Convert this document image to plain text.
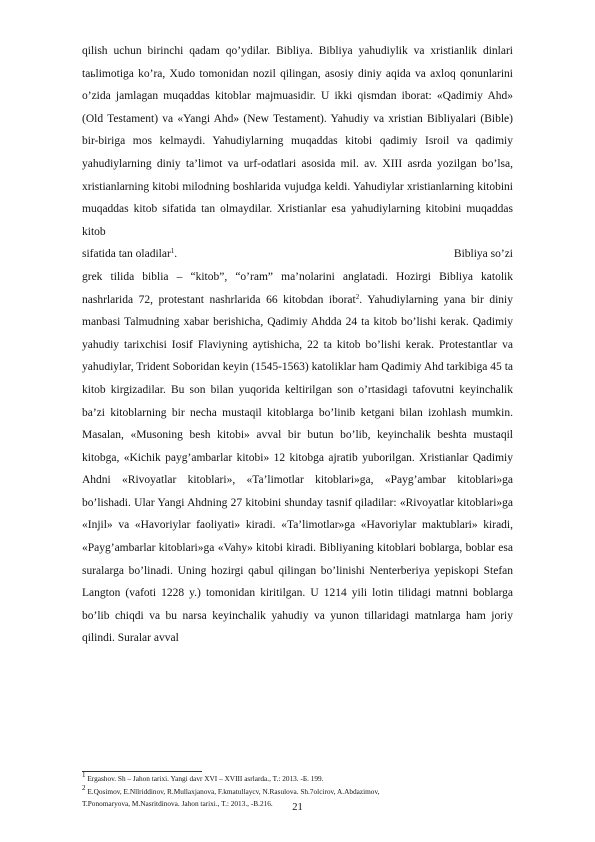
qilish uchun birinchi qadam qo’ydilar. Bibliya. Bibliya yahudiylik va xristianlik dinlari taьlimotiga ko’ra, Xudo tomonidan nozil qilingan, asosiy diniy aqida va axloq qonunlarini o’zida jamlagan muqaddas kitoblar majmuasidir. U ikki qismdan iborat: «Qadimiy Ahd» (Old Testament) va «Yangi Ahd» (New Testament). Yahudiy va xristian Bibliyalari (Bible) bir-biriga mos kelmaydi. Yahudiylarning muqaddas kitobi qadimiy Isroil va qadimiy yahudiylarning diniy ta’limot va urf-odatlari asosida mil. av. XIII asrda yozilgan bo’lsa, xristianlarning kitobi milodning boshlarida vujudga keldi. Yahudiylar xristianlarning kitobini muqaddas kitob sifatida tan olmaydilar. Xristianlar esa yahudiylarning kitobini muqaddas kitob

sifatida tan oladilar$^1$.	Bibliya so’zi

grek tilida biblia – “kitob”, “o’ram” ma’nolarini anglatadi. Hozirgi Bibliya katolik nashrlarida 72, protestant nashrlarida 66 kitobdan iborat$^2$. Yahudiylarning yana bir diniy manbasi Talmudning xabar berishicha, Qadimiy Ahdda 24 ta kitob bo’lishi kerak. Qadimiy yahudiy tarixchisi Iosif Flaviyning aytishicha, 22 ta kitob bo’lishi kerak. Protestantlar va yahudiylar, Trident Soboridan keyin (1545-1563) katoliklar ham Qadimiy Ahd tarkibiga 45 ta kitob kirgizadilar. Bu son bilan yuqorida keltirilgan son o’rtasidagi tafovutni keyinchalik ba’zi kitoblarning bir necha mustaqil kitoblarga bo’linib ketgani bilan izohlash mumkin. Masalan, «Musoning besh kitobi» avval bir butun bo’lib, keyinchalik beshta mustaqil kitobga, «Kichik payg’ambarlar kitobi» 12 kitobga ajratib yuborilgan. Xristianlar Qadimiy Ahdni «Rivoyatlar kitoblari», «Ta’limotlar kitoblari»ga, «Payg’ambar kitoblari»ga bo’lishadi. Ular Yangi Ahdning 27 kitobini shunday tasnif qiladilar: «Rivoyatlar kitoblari»ga «Injil» va «Havoriylar faoliyati» kiradi. «Ta’limotlar»ga «Havoriylar maktublari» kiradi, «Payg’ambarlar kitoblari»ga «Vahy» kitobi kiradi. Bibliyaning kitoblari boblarga, boblar esa suralarga bo’linadi. Uning hozirgi qabul qilingan bo’linishi Nenterberiya yepiskopi Stefan Langton (vafoti 1228 y.) tomonidan kiritilgan. U 1214 yili lotin tilidagi matnni boblarga bo’lib chiqdi va bu narsa keyinchalik yahudiy va yunon tillaridagi matnlarga ham joriy qilindi. Suralar avval

$^1$ Ergashov. Sh – Jahon tarixi. Yangi davr XVI – XVIII asrlarda., T.: 2013. -Б. 199.
$^2$ E.Qosimov, E.Nllriddinov, R.Mullaxjanova, F.kmatullaycv, N.Rasulova. Sh.7olcirov, A.Abdazimov,
T.Ponomaryova, M.Nasritdinova. Jahon tarixi., T.: 2013., -B.216.	21
